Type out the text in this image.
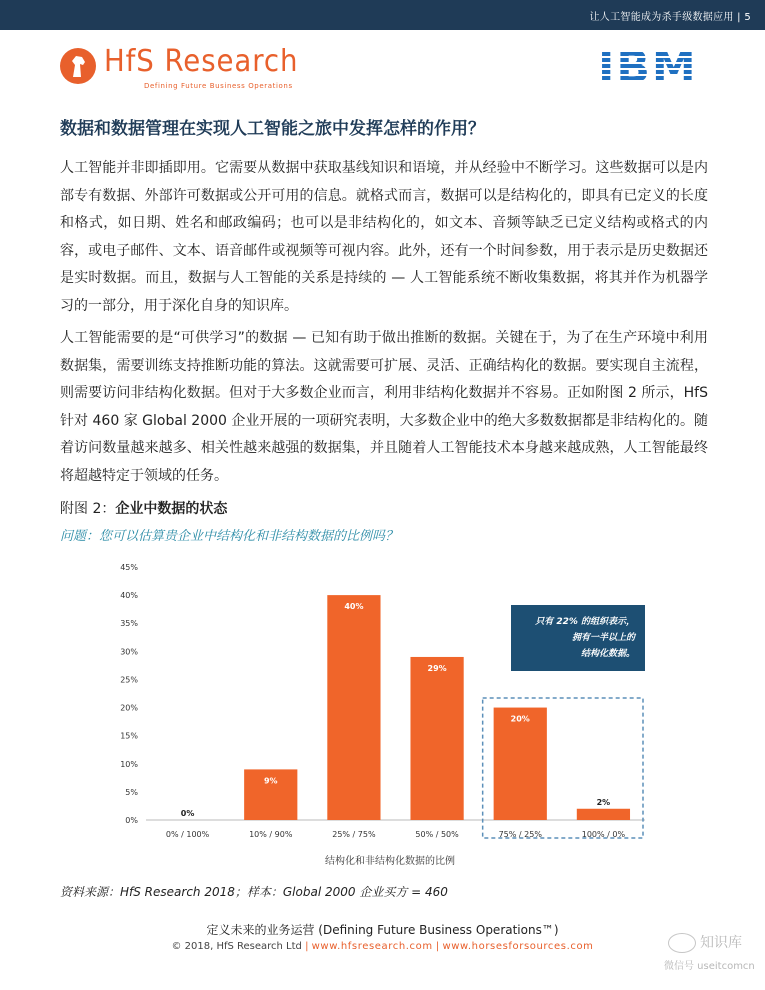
让人工智能成为杀手级数据应用 | 5
HfS Research
Defining Future Business Operations	IBM
数据和数据管理在实现人工智能之旅中发挥怎样的作用？

人工智能并非即插即用。它需要从数据中获取基线知识和语境，并从经验中不断学习。这些数据可以是内部专有数据、外部许可数据或公开可用的信息。就格式而言，数据可以是结构化的，即具有已定义的长度和格式，如日期、姓名和邮政编码；也可以是非结构化的，如文本、音频等缺乏已定义结构或格式的内容，或电子邮件、文本、语音邮件或视频等可视内容。此外，还有一个时间参数，用于表示是历史数据还是实时数据。而且，数据与人工智能的关系是持续的 — 人工智能系统不断收集数据，将其并作为机器学习的一部分，用于深化自身的知识库。

人工智能需要的是“可供学习”的数据 — 已知有助于做出推断的数据。关键在于，为了在生产环境中利用数据集，需要训练支持推断功能的算法。这就需要可扩展、灵活、正确结构化的数据。要实现自主流程，则需要访问非结构化数据。但对于大多数企业而言，利用非结构化数据并不容易。正如附图 2 所示，HfS 针对 460 家 Global 2000 企业开展的一项研究表明，大多数企业中的绝大多数数据都是非结构化的。随着访问数量越来越多、相关性越来越强的数据集，并且随着人工智能技术本身越来越成熟，人工智能最终将超越特定于领域的任务。

附图 2：企业中数据的状态
问题：您可以估算贵企业中结构化和非结构数据的比例吗？
0%
5%
10%
15%
20%
25%
30%
35%
40%
45%
0%
0% / 100%
9%
10% / 90%
40%
25% / 75%
29%
50% / 50%
20%
75% / 25%
2%
100% / 0%
结构化和非结构化数据的比例
只有 22% 的组织表示，
拥有一半以上的
结构化数据。
资料来源：HfS Research 2018；样本：Global 2000 企业买方 = 460
定义未来的业务运营 (Defining Future Business Operations™)
© 2018, HfS Research Ltd | www.hfsresearch.com | www.horsesforsources.com	知识库
微信号 useitcomcn
